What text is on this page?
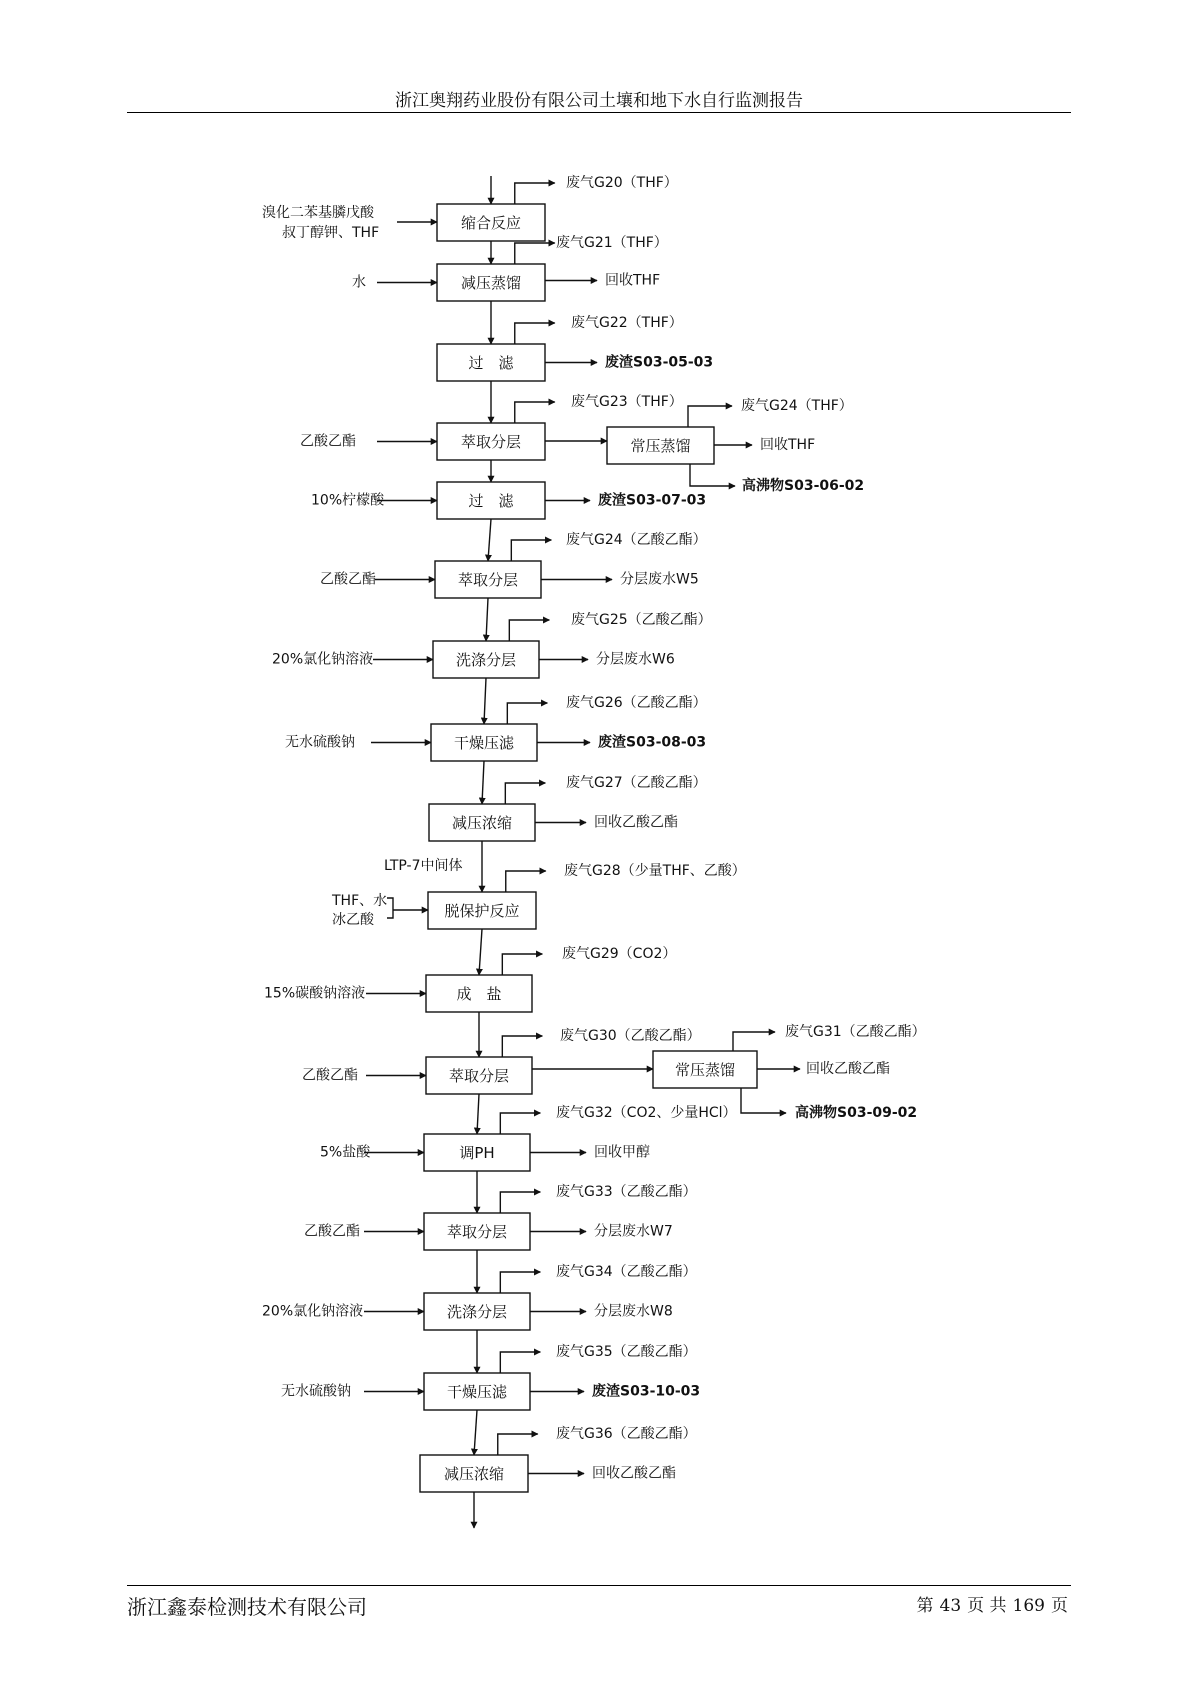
浙江奥翔药业股份有限公司土壤和地下水自行监测报告
缩合反应
减压蒸馏
过　滤
萃取分层
过　滤
萃取分层
洗涤分层
干燥压滤
减压浓缩
脱保护反应
成　盐
萃取分层
调PH
萃取分层
洗涤分层
干燥压滤
减压浓缩
常压蒸馏
常压蒸馏
水
乙酸乙酯
10%柠檬酸
乙酸乙酯
20%氯化钠溶液
无水硫酸钠
15%碳酸钠溶液
乙酸乙酯
5%盐酸
乙酸乙酯
20%氯化钠溶液
无水硫酸钠
溴化二苯基膦戊酸
叔丁醇钾、THF
LTP-7中间体
THF、水
冰乙酸
废气G20（THF）
废气G21（THF）
废气G22（THF）
废气G23（THF）
废气G24（乙酸乙酯）
废气G25（乙酸乙酯）
废气G26（乙酸乙酯）
废气G27（乙酸乙酯）
废气G28（少量THF、乙酸）
废气G29（CO2）
废气G30（乙酸乙酯）
废气G32（CO2、少量HCl）
废气G33（乙酸乙酯）
废气G34（乙酸乙酯）
废气G35（乙酸乙酯）
废气G36（乙酸乙酯）
废气G24（THF）
废气G31（乙酸乙酯）
回收THF
废渣S03-05-03
废渣S03-07-03
分层废水W5
分层废水W6
废渣S03-08-03
回收乙酸乙酯
回收甲醇
分层废水W7
分层废水W8
废渣S03-10-03
回收乙酸乙酯
回收THF
高沸物S03-06-02
回收乙酸乙酯
高沸物S03-09-02
浙江鑫泰检测技术有限公司	第 43 页 共 169 页
